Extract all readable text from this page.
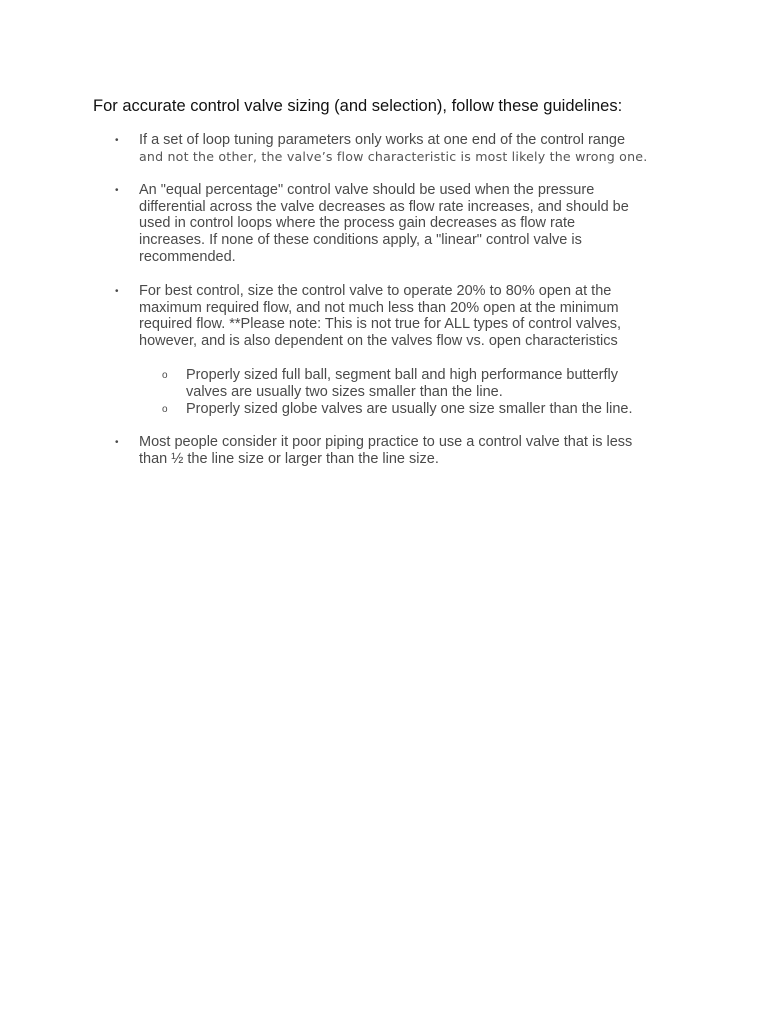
For accurate control valve sizing (and selection), follow these guidelines:
•	If a set of loop tuning parameters only works at one end of the control range
and not the other, the valve’s flow characteristic is most likely the wrong one.
•	An "equal percentage" control valve should be used when the pressure
differential across the valve decreases as flow rate increases, and should be
used in control loops where the process gain decreases as flow rate
increases. If none of these conditions apply, a "linear" control valve is
recommended.
•	For best control, size the control valve to operate 20% to 80% open at the
maximum required flow, and not much less than 20% open at the minimum
required flow. **Please note: This is not true for ALL types of control valves,
however, and is also dependent on the valves flow vs. open characteristics
o	Properly sized full ball, segment ball and high performance butterfly
valves are usually two sizes smaller than the line.
o	Properly sized globe valves are usually one size smaller than the line.
•	Most people consider it poor piping practice to use a control valve that is less
than ½ the line size or larger than the line size.
